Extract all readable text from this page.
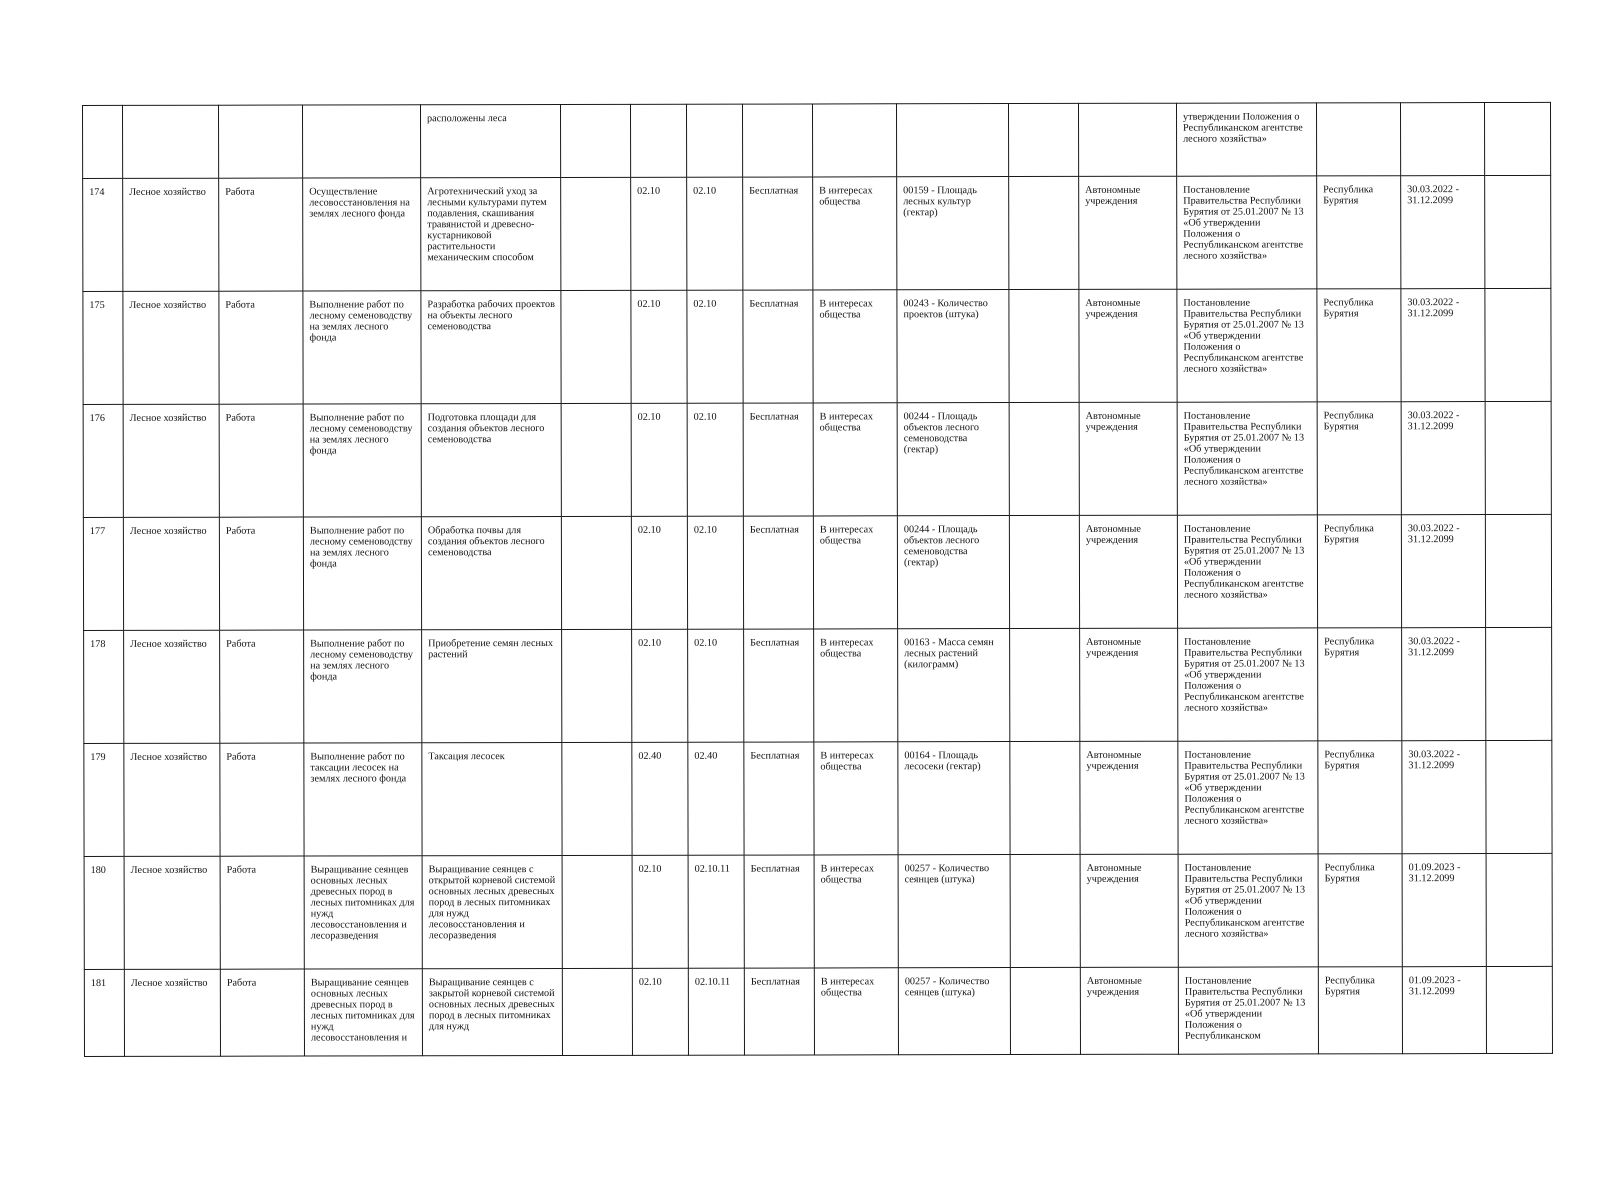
				расположены леса									утверждении Положения о Республиканском агентстве лесного хозяйства»			
174	Лесное хозяйство	Работа	Осуществление лесовосстановления на землях лесного фонда	Агротехнический уход за лесными культурами путем подавления, скашивания травянистой и древесно-кустарниковой растительности механическим способом		02.10	02.10	Бесплатная	В интересах общества	00159 - Площадь лесных культур (гектар)		Автономные учреждения	Постановление Правительства Республики Бурятия от 25.01.2007 № 13 «Об утверждении Положения о Республиканском агентстве лесного хозяйства»	Республика Бурятия	30.03.2022 - 31.12.2099	
175	Лесное хозяйство	Работа	Выполнение работ по лесному семеноводству на землях лесного фонда	Разработка рабочих проектов на объекты лесного семеноводства		02.10	02.10	Бесплатная	В интересах общества	00243 - Количество проектов (штука)		Автономные учреждения	Постановление Правительства Республики Бурятия от 25.01.2007 № 13 «Об утверждении Положения о Республиканском агентстве лесного хозяйства»	Республика Бурятия	30.03.2022 - 31.12.2099	
176	Лесное хозяйство	Работа	Выполнение работ по лесному семеноводству на землях лесного фонда	Подготовка площади для создания объектов лесного семеноводства		02.10	02.10	Бесплатная	В интересах общества	00244 - Площадь объектов лесного семеноводства (гектар)		Автономные учреждения	Постановление Правительства Республики Бурятия от 25.01.2007 № 13 «Об утверждении Положения о Республиканском агентстве лесного хозяйства»	Республика Бурятия	30.03.2022 - 31.12.2099	
177	Лесное хозяйство	Работа	Выполнение работ по лесному семеноводству на землях лесного фонда	Обработка почвы для создания объектов лесного семеноводства		02.10	02.10	Бесплатная	В интересах общества	00244 - Площадь объектов лесного семеноводства (гектар)		Автономные учреждения	Постановление Правительства Республики Бурятия от 25.01.2007 № 13 «Об утверждении Положения о Республиканском агентстве лесного хозяйства»	Республика Бурятия	30.03.2022 - 31.12.2099	
178	Лесное хозяйство	Работа	Выполнение работ по лесному семеноводству на землях лесного фонда	Приобретение семян лесных растений		02.10	02.10	Бесплатная	В интересах общества	00163 - Масса семян лесных растений (килограмм)		Автономные учреждения	Постановление Правительства Республики Бурятия от 25.01.2007 № 13 «Об утверждении Положения о Республиканском агентстве лесного хозяйства»	Республика Бурятия	30.03.2022 - 31.12.2099	
179	Лесное хозяйство	Работа	Выполнение работ по таксации лесосек на землях лесного фонда	Таксация лесосек		02.40	02.40	Бесплатная	В интересах общества	00164 - Площадь лесосеки (гектар)		Автономные учреждения	Постановление Правительства Республики Бурятия от 25.01.2007 № 13 «Об утверждении Положения о Республиканском агентстве лесного хозяйства»	Республика Бурятия	30.03.2022 - 31.12.2099	
180	Лесное хозяйство	Работа	Выращивание сеянцев основных лесных древесных пород в лесных питомниках для нужд лесовосстановления и лесоразведения	Выращивание сеянцев с открытой корневой системой основных лесных древесных пород в лесных питомниках для нужд лесовосстановления и лесоразведения		02.10	02.10.11	Бесплатная	В интересах общества	00257 - Количество сеянцев (штука)		Автономные учреждения	Постановление Правительства Республики Бурятия от 25.01.2007 № 13 «Об утверждении Положения о Республиканском агентстве лесного хозяйства»	Республика Бурятия	01.09.2023 - 31.12.2099	
181	Лесное хозяйство	Работа	Выращивание сеянцев основных лесных древесных пород в лесных питомниках для нужд лесовосстановления и	Выращивание сеянцев с закрытой корневой системой основных лесных древесных пород в лесных питомниках для нужд		02.10	02.10.11	Бесплатная	В интересах общества	00257 - Количество сеянцев (штука)		Автономные учреждения	Постановление Правительства Республики Бурятия от 25.01.2007 № 13 «Об утверждении Положения о Республиканском	Республика Бурятия	01.09.2023 - 31.12.2099	
